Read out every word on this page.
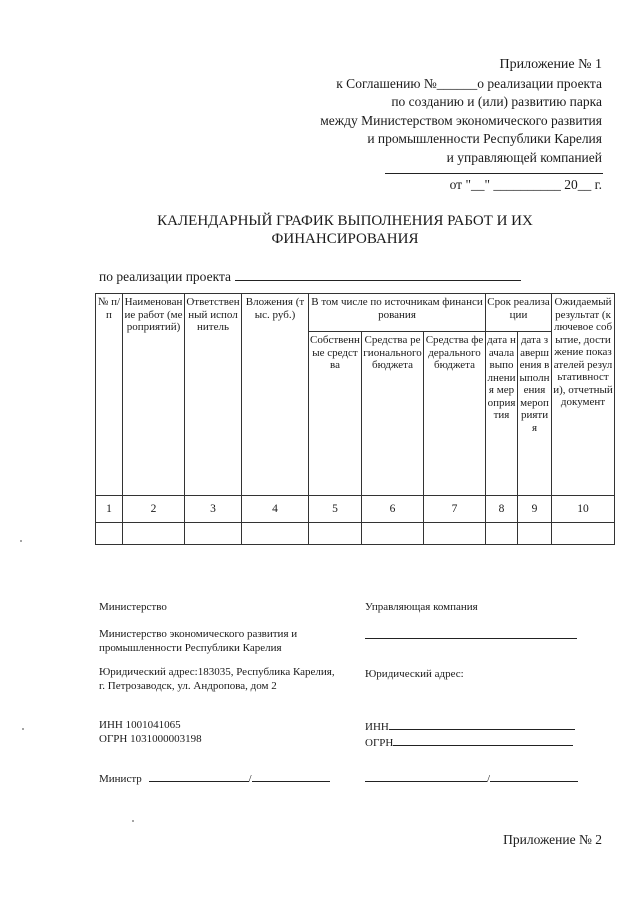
Приложение № 1
к Соглашению №______о реализации проекта
по созданию и (или) развитию парка
между Министерством экономического развития
и промышленности Республики Карелия
и управляющей компанией
от "__" __________ 20__ г.
КАЛЕНДАРНЫЙ ГРАФИК ВЫПОЛНЕНИЯ РАБОТ И ИХ
ФИНАНСИРОВАНИЯ
по реализации проекта
№ п/п	Наименование работ (мероприятий)	Ответственный исполнитель	Вложения (тыс. руб.)	В том числе по источникам финансирования			Срок реализации		Ожидаемый результат (ключевое событие, достижение показателей результативности), отчетный документ
				Собственные средства	Средства регионального бюджета	Средства федерального бюджета	дата начала выполнения мероприятия	дата завершения выполнения мероприятия	
1	2	3	4	5	6	7	8	9	10

Министерство
Министерство экономического развития и
промышленности Республики Карелия
Юридический адрес:183035, Республика Карелия,
г. Петрозаводск, ул. Андропова, дом 2
ИНН 1001041065
ОГРН 1031000003198
Министр	/
Управляющая компания
Юридический адрес:
ИНН
ОГРН
/
Приложение № 2
